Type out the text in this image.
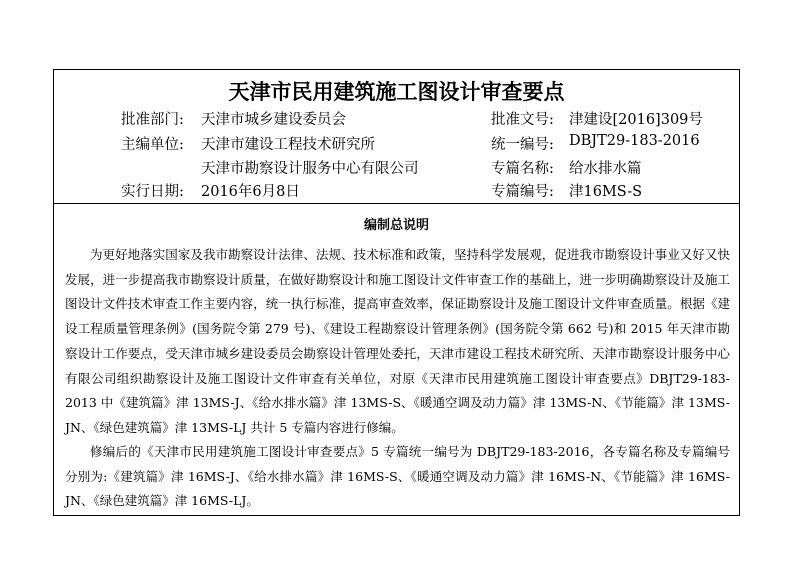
天津市民用建筑施工图设计审查要点
批准部门: 天津市城乡建设委员会	批准文号: 津建设[2016]309号
主编单位: 天津市建设工程技术研究所	统一编号: DBJT29-183-2016
天津市勘察设计服务中心有限公司	专篇名称: 给水排水篇
实行日期: 2016年6月8日	专篇编号: 津16MS-S
编制总说明

为更好地落实国家及我市勘察设计法律、法规、技术标准和政策，坚持科学发展观，促进我市勘察设计事业又好又快发展，进一步提高我市勘察设计质量，在做好勘察设计和施工图设计文件审查工作的基础上，进一步明确勘察设计及施工图设计文件技术审查工作主要内容，统一执行标准，提高审查效率，保证勘察设计及施工图设计文件审查质量。根据《建设工程质量管理条例》(国务院令第 279 号)、《建设工程勘察设计管理条例》(国务院令第 662 号)和 2015 年天津市勘察设计工作要点，受天津市城乡建设委员会勘察设计管理处委托，天津市建设工程技术研究所、天津市勘察设计服务中心有限公司组织勘察设计及施工图设计文件审查有关单位，对原《天津市民用建筑施工图设计审查要点》DBJT29-183-2013 中《建筑篇》津 13MS-J、《给水排水篇》津 13MS-S、《暖通空调及动力篇》津 13MS-N、《节能篇》津 13MS-JN、《绿色建筑篇》津 13MS-LJ 共计 5 专篇内容进行修编。

修编后的《天津市民用建筑施工图设计审查要点》5 专篇统一编号为 DBJT29-183-2016，各专篇名称及专篇编号分别为:《建筑篇》津 16MS-J、《给水排水篇》津 16MS-S、《暖通空调及动力篇》津 16MS-N、《节能篇》津 16MS-JN、《绿色建筑篇》津 16MS-LJ。
